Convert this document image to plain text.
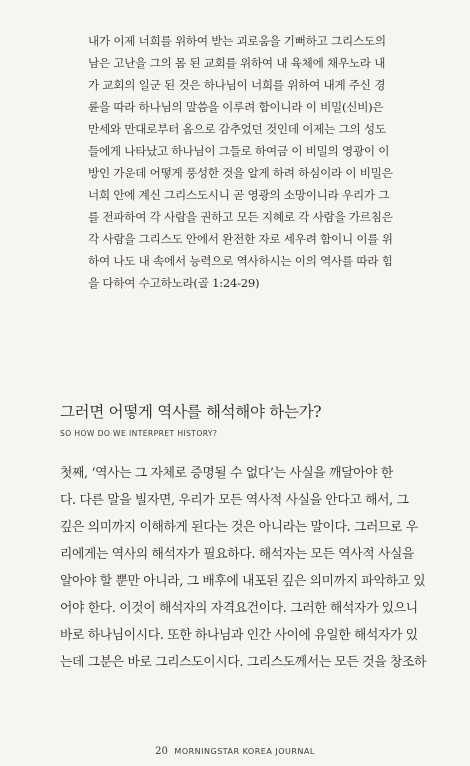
내가 이제 너희를 위하여 받는 괴로움을 기뻐하고 그리스도의
남은 고난을 그의 몸 된 교회를 위하여 내 육체에 채우노라 내
가 교회의 일군 된 것은 하나님이 너희를 위하여 내게 주신 경
륜을 따라 하나님의 말씀을 이루려 함이니라 이 비밀(신비)은
만세와 만대로부터 옴으로 감추었던 것인데 이제는 그의 성도
들에게 나타났고 하나님이 그들로 하여금 이 비밀의 영광이 이
방인 가운데 어떻게 풍성한 것을 알게 하려 하심이라 이 비밀은
너희 안에 계신 그리스도시니 곧 영광의 소망이니라 우리가 그
를 전파하여 각 사람을 권하고 모든 지혜로 각 사람을 가르침은
각 사람을 그리스도 안에서 완전한 자로 세우려 함이니 이를 위
하여 나도 내 속에서 능력으로 역사하시는 이의 역사를 따라 힘
을 다하여 수고하노라(골 1:24-29)
그러면 어떻게 역사를 해석해야 하는가?

SO HOW DO WE INTERPRET HISTORY?

첫째, ‘역사는 그 자체로 증명될 수 없다’는 사실을 깨달아야 한
다. 다른 말을 빌자면, 우리가 모든 역사적 사실을 안다고 해서, 그
깊은 의미까지 이해하게 된다는 것은 아니라는 말이다. 그러므로 우
리에게는 역사의 해석자가 필요하다. 해석자는 모든 역사적 사실을
알아야 할 뿐만 아니라, 그 배후에 내포된 깊은 의미까지 파악하고 있
어야 한다. 이것이 해석자의 자격요건이다. 그러한 해석자가 있으니
바로 하나님이시다. 또한 하나님과 인간 사이에 유일한 해석자가 있
는데 그분은 바로 그리스도이시다. 그리스도께서는 모든 것을 창조하
20 MORNINGSTAR KOREA JOURNAL
